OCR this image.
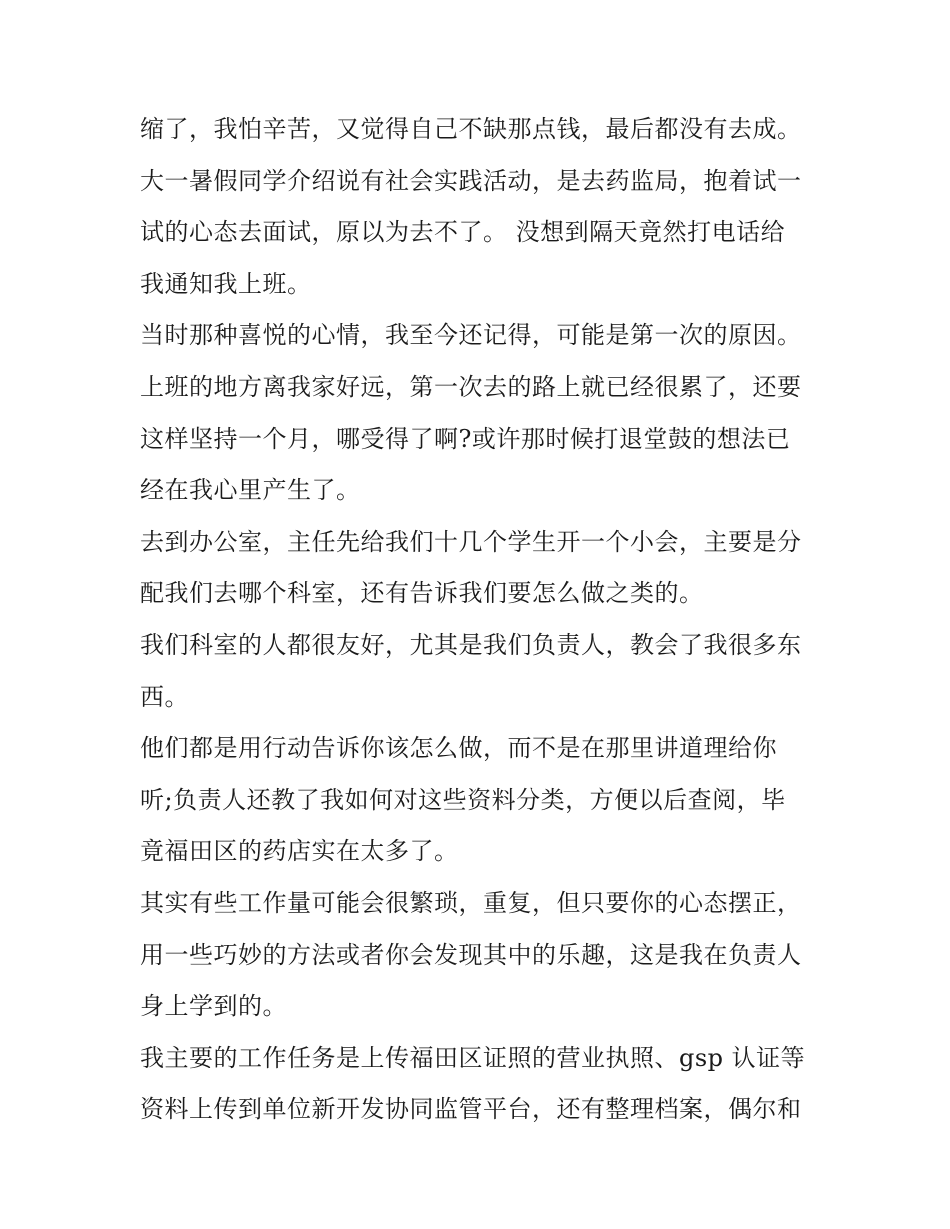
缩了，我怕辛苦，又觉得自己不缺那点钱，最后都没有去成。
大一暑假同学介绍说有社会实践活动，是去药监局，抱着试一
试的心态去面试，原以为去不了。 没想到隔天竟然打电话给
我通知我上班。
当时那种喜悦的心情，我至今还记得，可能是第一次的原因。
上班的地方离我家好远，第一次去的路上就已经很累了，还要
这样坚持一个月，哪受得了啊?或许那时候打退堂鼓的想法已
经在我心里产生了。
去到办公室，主任先给我们十几个学生开一个小会，主要是分
配我们去哪个科室，还有告诉我们要怎么做之类的。
我们科室的人都很友好，尤其是我们负责人，教会了我很多东
西。
他们都是用行动告诉你该怎么做，而不是在那里讲道理给你
听;负责人还教了我如何对这些资料分类，方便以后查阅，毕
竟福田区的药店实在太多了。
其实有些工作量可能会很繁琐，重复，但只要你的心态摆正，
用一些巧妙的方法或者你会发现其中的乐趣，这是我在负责人
身上学到的。
我主要的工作任务是上传福田区证照的营业执照、gsp 认证等
资料上传到单位新开发协同监管平台，还有整理档案，偶尔和
